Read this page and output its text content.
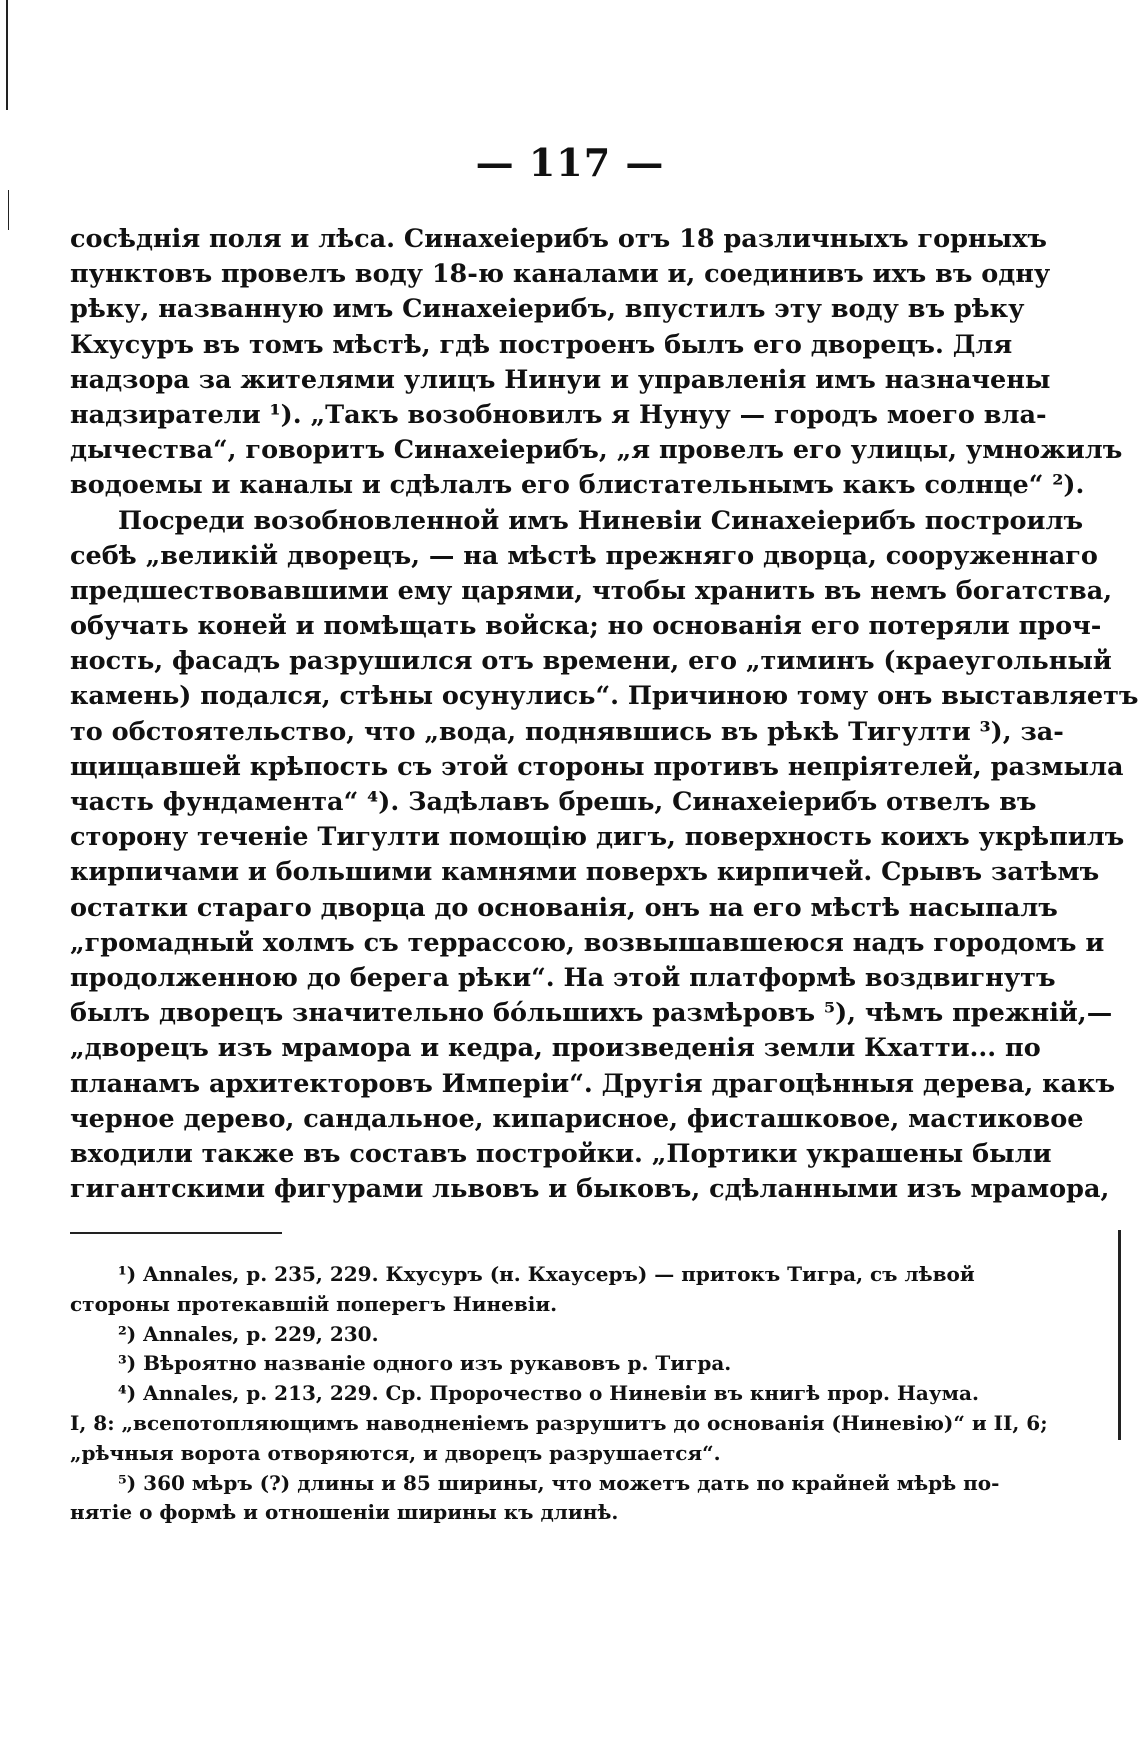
— 117 —
сосѣднія поля и лѣса. Синахеіерибъ отъ 18 различныхъ горныхъ
пунктовъ провелъ воду 18-ю каналами и, соединивъ ихъ въ одну
рѣку, названную имъ Синахеіерибъ, впустилъ эту воду въ рѣку
Кхусуръ въ томъ мѣстѣ, гдѣ построенъ былъ его дворецъ. Для
надзора за жителями улицъ Нинуи и управленія имъ назначены
надзиратели ¹). „Такъ возобновилъ я Нунуу — городъ моего вла-
дычества“, говоритъ Синахеіерибъ, „я провелъ его улицы, умножилъ
водоемы и каналы и сдѣлалъ его блистательнымъ какъ солнце“ ²).
Посреди возобновленной имъ Ниневіи Синахеіерибъ построилъ
себѣ „великій дворецъ, — на мѣстѣ прежняго дворца, сооруженнаго
предшествовавшими ему царями, чтобы хранить въ немъ богатства,
обучать коней и помѣщать войска; но основанія его потеряли проч-
ность, фасадъ разрушился отъ времени, его „тиминъ (краеугольный
камень) подался, стѣны осунулись“. Причиною тому онъ выставляетъ
то обстоятельство, что „вода, поднявшись въ рѣкѣ Тигулти ³), за-
щищавшей крѣпость съ этой стороны противъ непріятелей, размыла
часть фундамента“ ⁴). Задѣлавъ брешь, Синахеіерибъ отвелъ въ
сторону теченіе Тигулти помощію дигъ, поверхность коихъ укрѣпилъ
кирпичами и большими камнями поверхъ кирпичей. Срывъ затѣмъ
остатки стараго дворца до основанія, онъ на его мѣстѣ насыпалъ
„громадный холмъ съ террассою, возвышавшеюся надъ городомъ и
продолженною до берега рѣки“. На этой платформѣ воздвигнутъ
былъ дворецъ значительно бо́льшихъ размѣровъ ⁵), чѣмъ прежній,—
„дворецъ изъ мрамора и кедра, произведенія земли Кхатти... по
планамъ архитекторовъ Имперіи“. Другія драгоцѣнныя дерева, какъ
черное дерево, сандальное, кипарисное, фисташковое, мастиковое
входили также въ составъ постройки. „Портики украшены были
гигантскими фигурами львовъ и быковъ, сдѣланными изъ мрамора,
¹) Annales, p. 235, 229. Кхусуръ (н. Кхаусеръ) — притокъ Тигра, съ лѣвой
стороны протекавшій поперегъ Ниневіи.
²) Annales, p. 229, 230.
³) Вѣроятно названіе одного изъ рукавовъ р. Тигра.
⁴) Annales, p. 213, 229. Ср. Пророчество о Ниневіи въ книгѣ прор. Наума.
I, 8: „всепотопляющимъ наводненіемъ разрушитъ до основанія (Ниневію)“ и II, 6;
„рѣчныя ворота отворяются, и дворецъ разрушается“.
⁵) 360 мѣръ (?) длины и 85 ширины, что можетъ дать по крайней мѣрѣ по-
нятіе о формѣ и отношеніи ширины къ длинѣ.
